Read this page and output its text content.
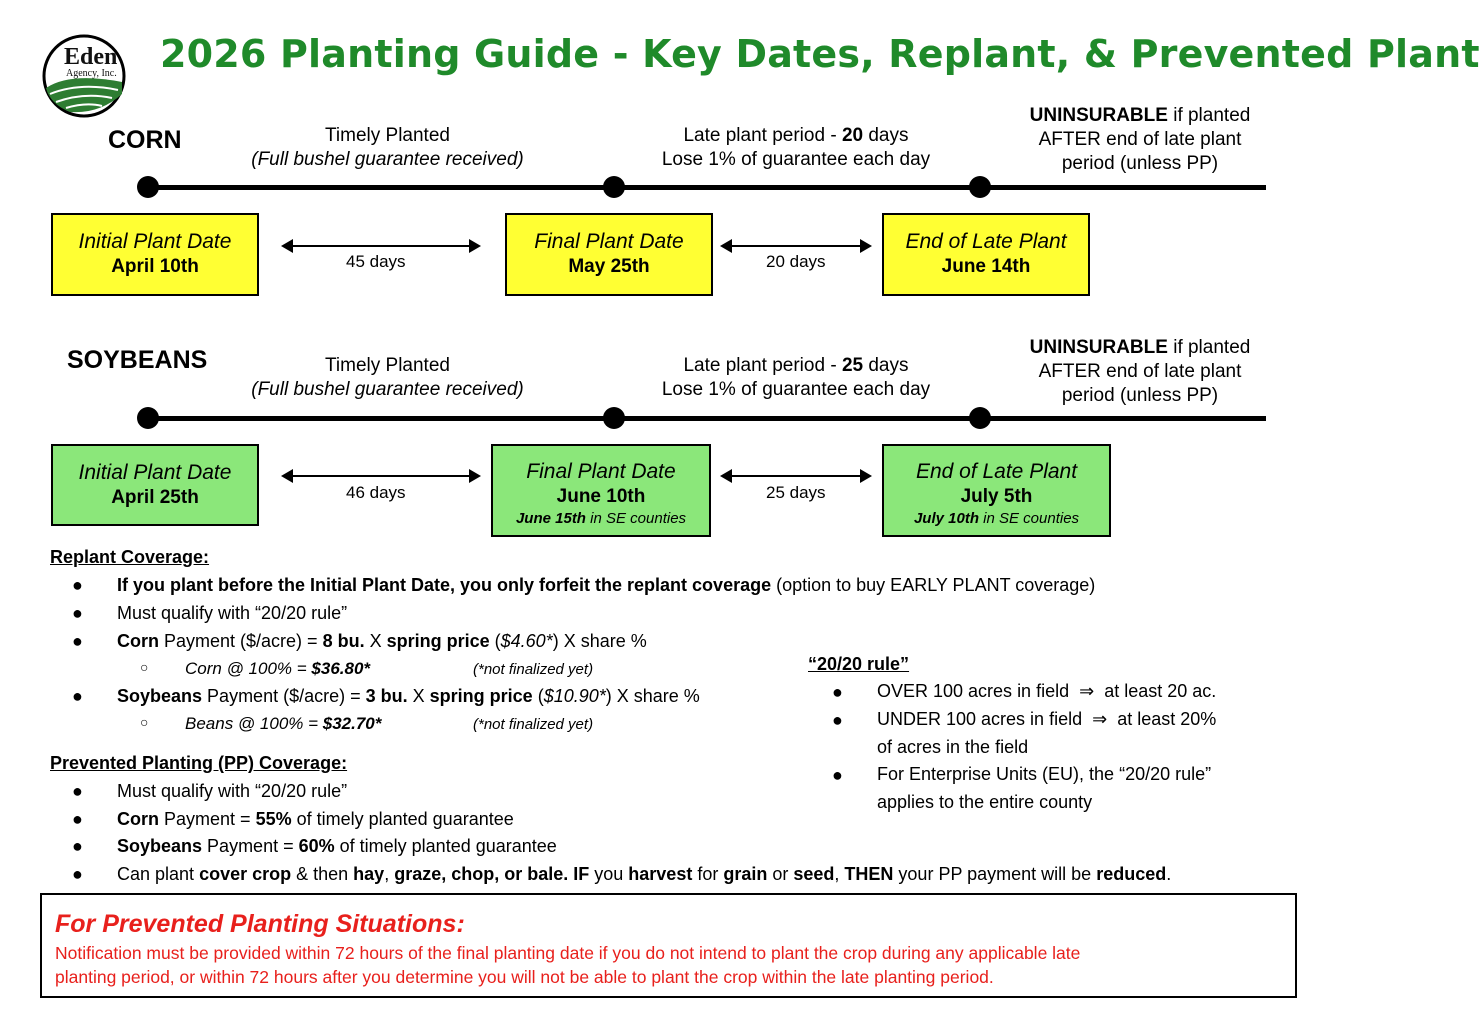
Eden
Agency, Inc. 2026 Planting Guide - Key Dates, Replant, & Prevented Plant
CORN	Timely Planted
(Full bushel guarantee received)
Late plant period - 20 days
Lose 1% of guarantee each day
UNINSURABLE if planted
AFTER end of late plant
period (unless PP)
Initial Plant Date
April 10th	45 days
Final Plant Date
May 25th	20 days
End of Late Plant
June 14th
SOYBEANS	Timely Planted
(Full bushel guarantee received)
Late plant period - 25 days
Lose 1% of guarantee each day
UNINSURABLE if planted
AFTER end of late plant
period (unless PP)
Initial Plant Date
April 25th	46 days
Final Plant Date
June 10th
June 15th in SE counties
25 days
End of Late Plant
July 5th
July 10th in SE counties
Replant Coverage:
● If you plant before the Initial Plant Date, you only forfeit the replant coverage (option to buy EARLY PLANT coverage)
● Must qualify with “20/20 rule”
● Corn Payment ($/acre) = 8 bu. X spring price ($4.60*) X share %
○ Corn @ 100% = $36.80*	(*not finalized yet)
● Soybeans Payment ($/acre) = 3 bu. X spring price ($10.90*) X share %
○ Beans @ 100% = $32.70*	(*not finalized yet)
“20/20 rule”
● OVER 100 acres in field ⇒ at least 20 ac.
● UNDER 100 acres in field ⇒ at least 20%
of acres in the field
● For Enterprise Units (EU), the “20/20 rule”
applies to the entire county
Prevented Planting (PP) Coverage:
● Must qualify with “20/20 rule”
● Corn Payment = 55% of timely planted guarantee
● Soybeans Payment = 60% of timely planted guarantee
● Can plant cover crop & then hay, graze, chop, or bale. IF you harvest for grain or seed, THEN your PP payment will be reduced.
For Prevented Planting Situations:
Notification must be provided within 72 hours of the final planting date if you do not intend to plant the crop during any applicable late
planting period, or within 72 hours after you determine you will not be able to plant the crop within the late planting period.
